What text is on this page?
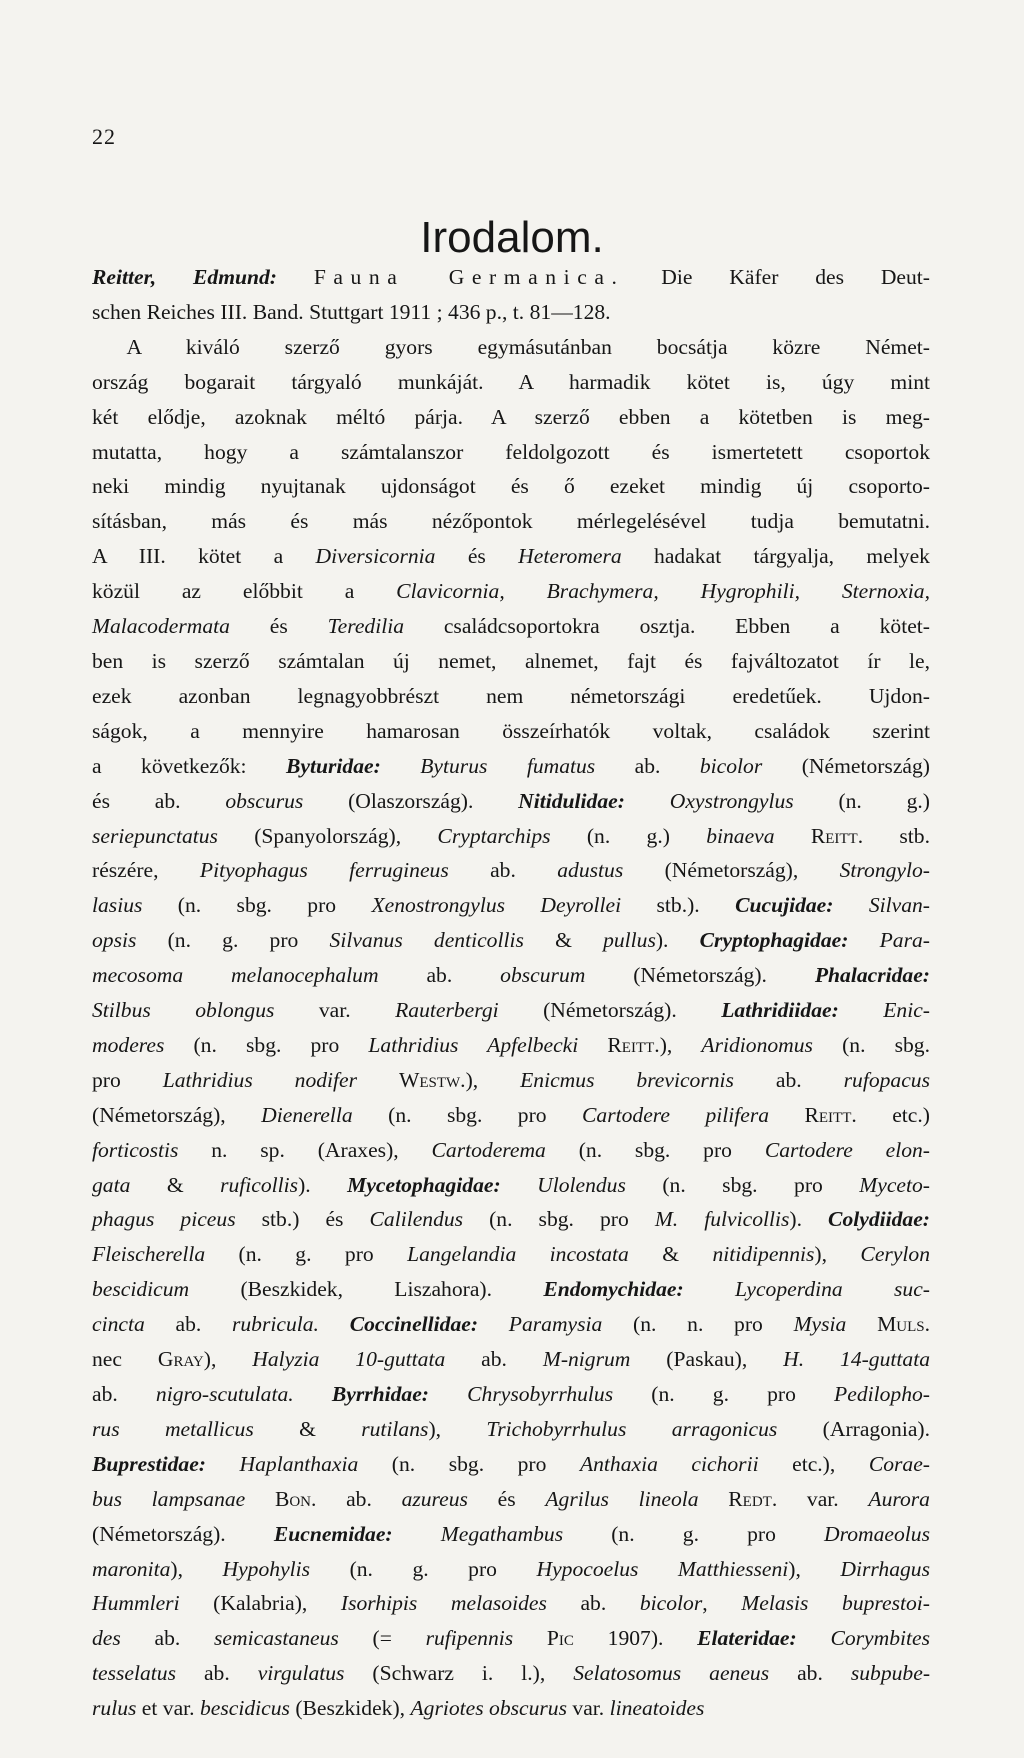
22
Irodalom.
Reitter, Edmund: Fauna Germanica. Die Käfer des Deut-
schen Reiches III. Band. Stuttgart 1911 ; 436 p., t. 81—128.
A kiváló szerző gyors egymásutánban bocsátja közre Német-
ország bogarait tárgyaló munkáját. A harmadik kötet is, úgy mint
két elődje, azoknak méltó párja. A szerző ebben a kötetben is meg-
mutatta, hogy a számtalanszor feldolgozott és ismertetett csoportok
neki mindig nyujtanak ujdonságot és ő ezeket mindig új csoporto-
sításban, más és más nézőpontok mérlegelésével tudja bemutatni.
A III. kötet a Diversicornia és Heteromera hadakat tárgyalja, melyek
közül az előbbit a Clavicornia, Brachymera, Hygrophili, Sternoxia,
Malacodermata és Teredilia családcsoportokra osztja. Ebben a kötet-
ben is szerző számtalan új nemet, alnemet, fajt és fajváltozatot ír le,
ezek azonban legnagyobbrészt nem németországi eredetűek. Ujdon-
ságok, a mennyire hamarosan összeírhatók voltak, családok szerint
a következők: Byturidae: Byturus fumatus ab. bicolor (Németország)
és ab. obscurus (Olaszország). Nitidulidae: Oxystrongylus (n. g.)
seriepunctatus (Spanyolország), Cryptarchips (n. g.) binaeva Reitt. stb.
részére, Pityophagus ferrugineus ab. adustus (Németország), Strongylo-
lasius (n. sbg. pro Xenostrongylus Deyrollei stb.). Cucujidae: Silvan-
opsis (n. g. pro Silvanus denticollis & pullus). Cryptophagidae: Para-
mecosoma melanocephalum ab. obscurum (Németország). Phalacridae:
Stilbus oblongus var. Rauterbergi (Németország). Lathridiidae: Enic-
moderes (n. sbg. pro Lathridius Apfelbecki Reitt.), Aridionomus (n. sbg.
pro Lathridius nodifer Westw.), Enicmus brevicornis ab. rufopacus
(Németország), Dienerella (n. sbg. pro Cartodere pilifera Reitt. etc.)
forticostis n. sp. (Araxes), Cartoderema (n. sbg. pro Cartodere elon-
gata & ruficollis). Mycetophagidae: Ulolendus (n. sbg. pro Myceto-
phagus piceus stb.) és Calilendus (n. sbg. pro M. fulvicollis). Colydiidae:
Fleischerella (n. g. pro Langelandia incostata & nitidipennis), Cerylon
bescidicum (Beszkidek, Liszahora). Endomychidae: Lycoperdina suc-
cincta ab. rubricula. Coccinellidae: Paramysia (n. n. pro Mysia Muls.
nec Gray), Halyzia 10-guttata ab. M-nigrum (Paskau), H. 14-guttata
ab. nigro-scutulata. Byrrhidae: Chrysobyrrhulus (n. g. pro Pedilopho-
rus metallicus & rutilans), Trichobyrrhulus arragonicus (Arragonia).
Buprestidae: Haplanthaxia (n. sbg. pro Anthaxia cichorii etc.), Corae-
bus lampsanae Bon. ab. azureus és Agrilus lineola Redt. var. Aurora
(Németország). Eucnemidae: Megathambus (n. g. pro Dromaeolus
maronita), Hypohylis (n. g. pro Hypocoelus Matthiesseni), Dirrhagus
Hummleri (Kalabria), Isorhipis melasoides ab. bicolor, Melasis buprestoi-
des ab. semicastaneus (= rufipennis Pic 1907). Elateridae: Corymbites
tesselatus ab. virgulatus (Schwarz i. l.), Selatosomus aeneus ab. subpube-
rulus et var. bescidicus (Beszkidek), Agriotes obscurus var. lineatoides
